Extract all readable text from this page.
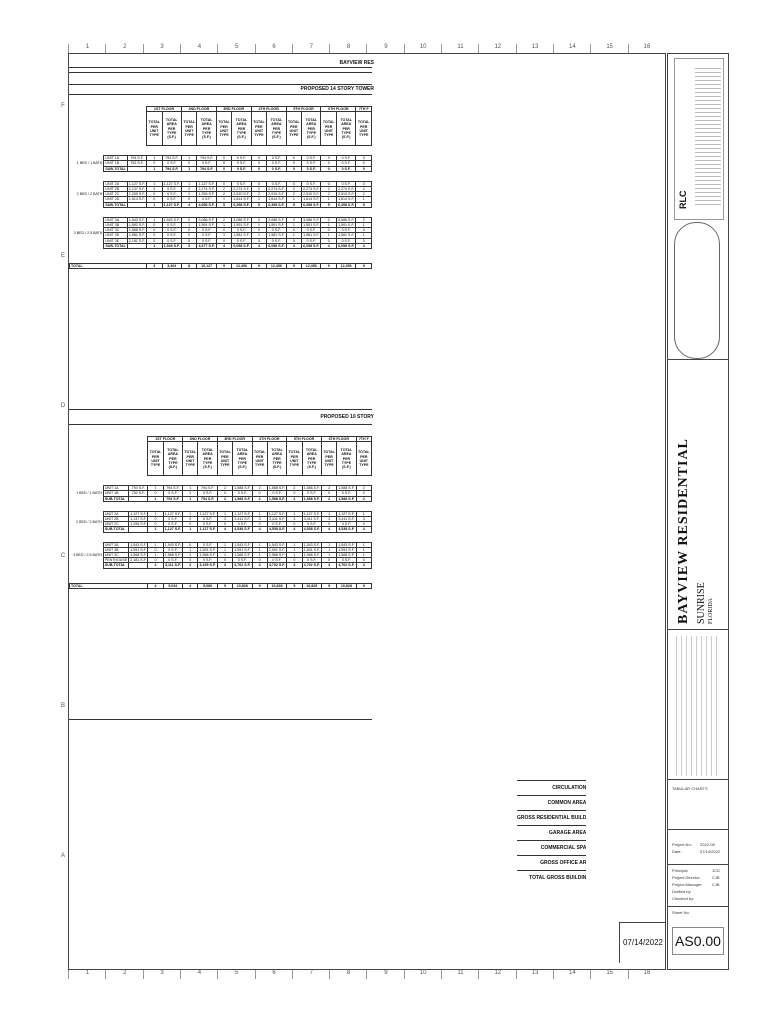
1	2	3	4	5	6	7	8	9	10	11	12	13	14	15	16
1	2	3	4	5	6	7	8	9	10	11	12	13	14	15	16
F
E
D
C
B
A
BAYVIEW RES
PROPOSED 14 STORY TOWER
			1ST FLOOR		2ND FLOOR		3RD FLOOR		4TH FLOOR		5TH FLOOR		6TH FLOOR		7TH F
			TOTAL PER UNIT TYPE	TOTAL AREA PER TYPE (S.F.)	TOTAL PER UNIT TYPE	TOTAL AREA PER TYPE (S.F.)	TOTAL PER UNIT TYPE	TOTAL AREA PER TYPE (S.F.)	TOTAL PER UNIT TYPE	TOTAL AREA PER TYPE (S.F.)	TOTAL PER UNIT TYPE	TOTAL AREA PER TYPE (S.F.)	TOTAL PER UNIT TYPE	TOTAL AREA PER TYPE (S.F.)	TOTAL PER UNIT TYPE

1 BED / 1 BATH	UNIT 1A	794 S.F.	1	794 S.F.	1	794 S.F.	0	0 S.F.	0	0 S.F.	0	0 S.F.	0	0 S.F.	0
	UNIT 1B	752 S.F.	0	0 S.F.	0	0 S.F.	0	0 S.F.	0	0 S.F.	0	0 S.F.	0	0 S.F.	0
	SUB-TOTAL		1	794 S.F.	1	794 S.F.	0	0 S.F.	0	0 S.F.	0	0 S.F.	0	0 S.F.	0

2 BED / 2 BATH	UNIT 2A	1,127 S.F.	1	1,127 S.F.	1	1,127 S.F.	0	0 S.F.	0	0 S.F.	0	0 S.F.	0	0 S.F.	0
	UNIT 2B	1,137 S.F.	0	0 S.F.	2	2,274 S.F.	2	2,274 S.F.	2	2,274 S.F.	2	2,274 S.F.	2	2,274 S.F.	2
	UNIT 2C	1,255 S.F.	0	0 S.F.	1	1,255 S.F.	2	2,510 S.F.	2	2,510 S.F.	2	2,510 S.F.	2	2,510 S.F.	2
	UNIT 2D	1,614 S.F.	0	0 S.F.	0	0 S.F.	1	1,614 S.F.	1	1,614 S.F.	1	1,614 S.F.	1	1,614 S.F.	1
	SUB-TOTAL		1	1,127 S.F.	4	4,656 S.F.	5	6,398 S.F.	5	6,398 S.F.	5	6,398 S.F.	5	6,398 S.F.	5

3 BED / 2.5 BATH	UNIT 3A	1,543 S.F.	1	1,543 S.F.	2	3,086 S.F.	2	3,086 S.F.	2	3,086 S.F.	2	3,086 S.F.	2	3,086 S.F.	2
	UNIT 3B	1,591 S.F.	0	0 S.F.	1	1,591 S.F.	1	1,591 S.F.	1	1,591 S.F.	1	1,591 S.F.	1	1,591 S.F.	1
	UNIT 3C	1,568 S.F.	0	0 S.F.	0	0 S.F.	0	0 S.F.	0	0 S.F.	0	0 S.F.	0	0 S.F.	0
	UNIT 3D	1,581 S.F.	0	0 S.F.	0	0 S.F.	1	1,581 S.F.	1	1,581 S.F.	1	1,581 S.F.	1	1,581 S.F.	1
	UNIT 3E	2,181 S.F.	0	0 S.F.	0	0 S.F.	0	0 S.F.	0	0 S.F.	0	0 S.F.	0	0 S.F.	0
	SUB-TOTAL		1	1,543 S.F.	3	4,677 S.F.	4	6,058 S.F.	4	6,058 S.F.	4	6,058 S.F.	4	6,058 S.F.	4

TOTAL			3	3,464	8	10,127	9	12,456	9	12,456	9	12,456	9	12,456	9
PROPOSED 10 STORY
			1ST FLOOR		2ND FLOOR		3RD FLOOR		4TH FLOOR		5TH FLOOR		6TH FLOOR		7TH F
			TOTAL PER UNIT TYPE	TOTAL AREA PER TYPE (S.F.)	TOTAL PER UNIT TYPE	TOTAL AREA PER TYPE (S.F.)	TOTAL PER UNIT TYPE	TOTAL AREA PER TYPE (S.F.)	TOTAL PER UNIT TYPE	TOTAL AREA PER TYPE (S.F.)	TOTAL PER UNIT TYPE	TOTAL AREA PER TYPE (S.F.)	TOTAL PER UNIT TYPE	TOTAL AREA PER TYPE (S.F.)	TOTAL PER UNIT TYPE

1 BED / 1 BATH	UNIT 1A	794 S.F.	1	794 S.F.	1	794 S.F.	2	1,588 S.F.	2	1,588 S.F.	2	1,588 S.F.	2	1,588 S.F.	2
	UNIT 1B	752 S.F.	0	0 S.F.	0	0 S.F.	0	0 S.F.	0	0 S.F.	0	0 S.F.	0	0 S.F.	0
	SUB-TOTAL		1	794 S.F.	1	794 S.F.	2	1,588 S.F.	2	1,588 S.F.	2	1,588 S.F.	2	1,588 S.F.	2

2 BED / 2 BATH	UNIT 2A	1,127 S.F.	1	1,127 S.F.	1	1,127 S.F.	1	1,127 S.F.	1	1,127 S.F.	1	1,127 S.F.	1	1,127 S.F.	1
	UNIT 2B	1,137 S.F.	0	0 S.F.	0	0 S.F.	3	3,411 S.F.	3	3,411 S.F.	3	3,411 S.F.	3	3,411 S.F.	3
	UNIT 2C	1,255 S.F.	0	0 S.F.	0	0 S.F.	0	0 S.F.	0	0 S.F.	0	0 S.F.	0	0 S.F.	0
	SUB-TOTAL		1	1,127 S.F.	1	1,127 S.F.	4	4,538 S.F.	4	4,538 S.F.	4	4,538 S.F.	4	4,538 S.F.	4

3 BED / 2.5 BATH	UNIT 3A	1,543 S.F.	1	1,543 S.F.	0	0 S.F.	1	1,543 S.F.	1	1,543 S.F.	1	1,543 S.F.	1	1,543 S.F.	1
	UNIT 3B	1,591 S.F.	0	0 S.F.	1	1,591 S.F.	1	1,591 S.F.	1	1,591 S.F.	1	1,591 S.F.	1	1,591 S.F.	1
	UNIT 3C	1,568 S.F.	1	1,568 S.F.	1	1,568 S.F.	1	1,568 S.F.	1	1,568 S.F.	1	1,568 S.F.	1	1,568 S.F.	1
	PENTHOUSE	2,181 S.F.	0	0 S.F.	0	0 S.F.	0	0 S.F.	0	0 S.F.	0	0 S.F.	0	0 S.F.	0
	SUB-TOTAL		2	3,111 S.F.	2	3,159 S.F.	3	4,702 S.F.	3	4,702 S.F.	3	4,702 S.F.	3	4,702 S.F.	3

TOTAL			4	5,032	4	5,080	9	10,828	9	10,828	9	10,828	9	10,828	9
CIRCULATION
COMMON AREA
GROSS RESIDENTIAL BUILD
GARAGE AREA
COMMERCIAL SPA
GROSS OFFICE AR
TOTAL GROSS BUILDIN
RLC
BAYVIEW RESIDENTIAL SUNRISE FLORIDA
TABULAR CHARTS
Project No: 2022-08
Date:	07/14/2022
Principal:	JCD
Project Director:	CJB
Project Manager: CJB
Drafted by:
Checked by:
Sheet No.
AS0.00
07/14/2022
